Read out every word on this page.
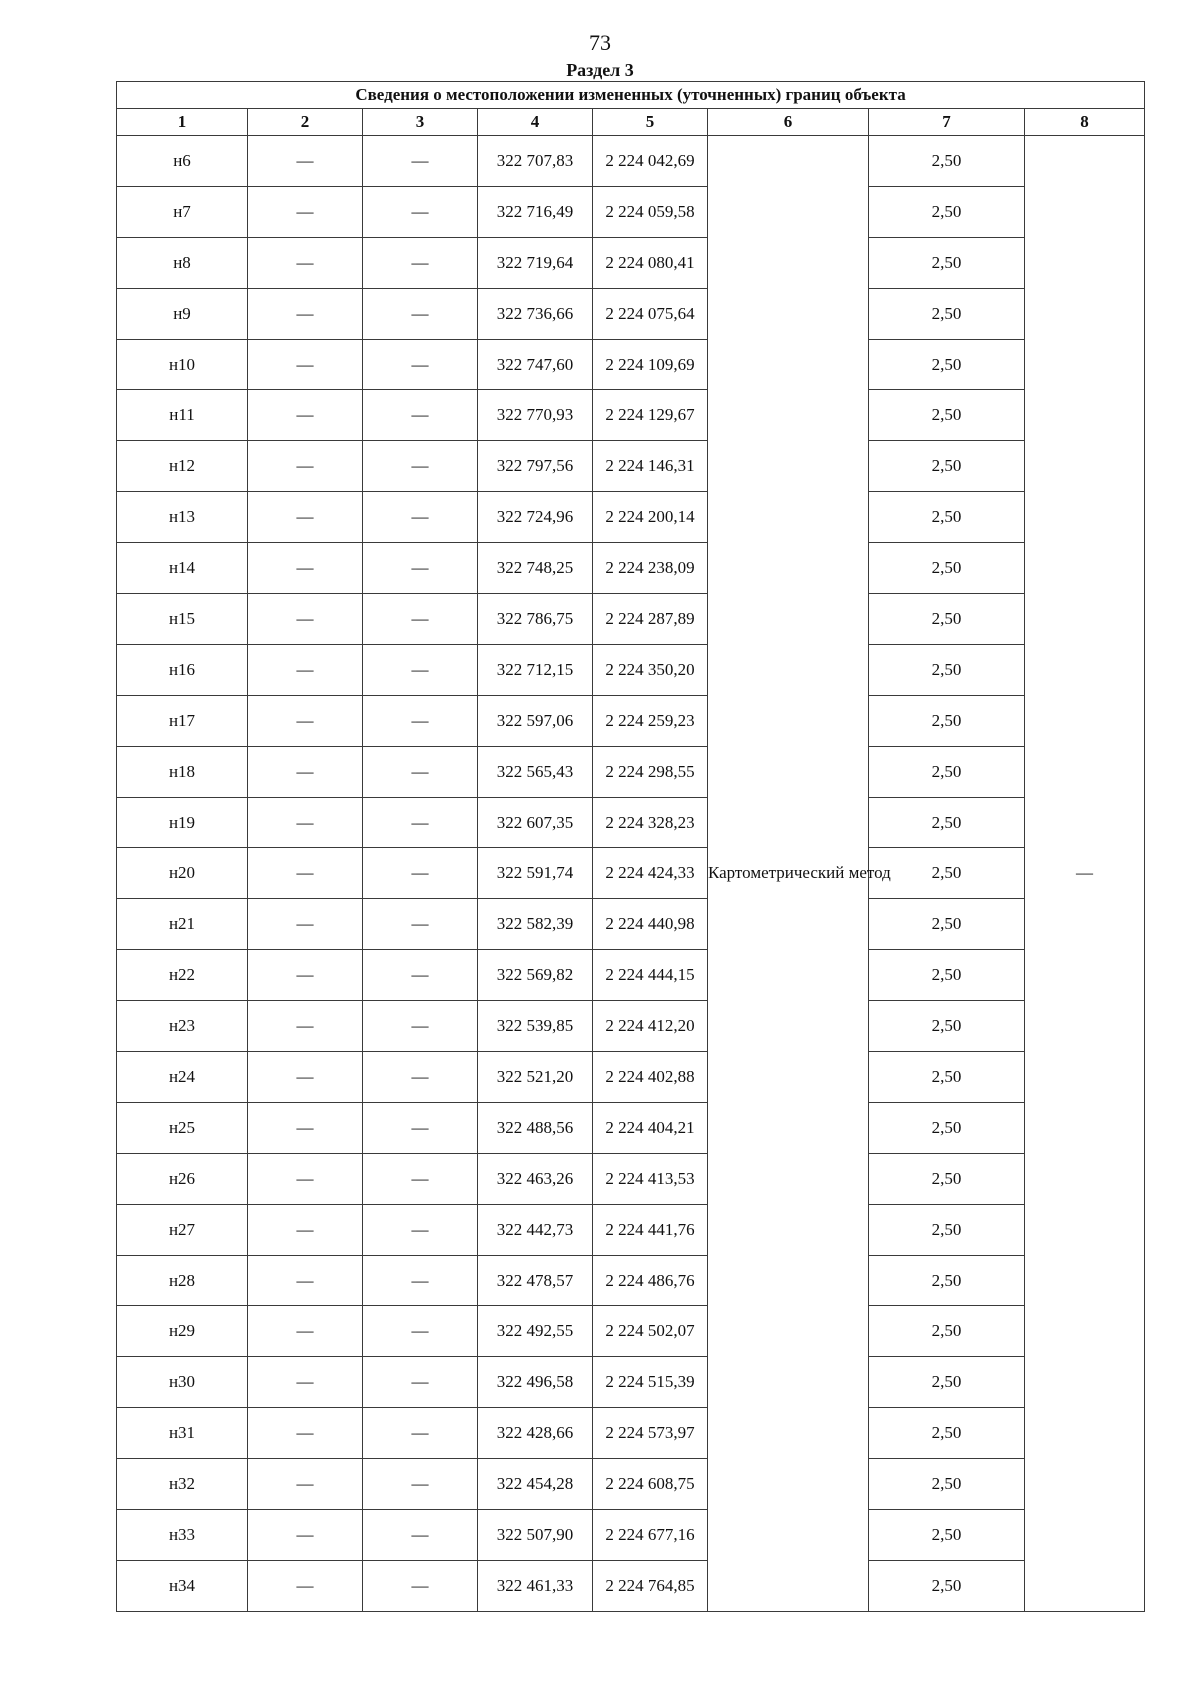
73
Раздел 3
Сведения о местоположении измененных (уточненных) границ объекта							
1	2	3	4	5	6	7	8
н6	—	—	322 707,83	2 224 042,69	Картометрический метод	2,50	—
н7	—	—	322 716,49	2 224 059,58		2,50	
н8	—	—	322 719,64	2 224 080,41		2,50	
н9	—	—	322 736,66	2 224 075,64		2,50	
н10	—	—	322 747,60	2 224 109,69		2,50	
н11	—	—	322 770,93	2 224 129,67		2,50	
н12	—	—	322 797,56	2 224 146,31		2,50	
н13	—	—	322 724,96	2 224 200,14		2,50	
н14	—	—	322 748,25	2 224 238,09		2,50	
н15	—	—	322 786,75	2 224 287,89		2,50	
н16	—	—	322 712,15	2 224 350,20		2,50	
н17	—	—	322 597,06	2 224 259,23		2,50	
н18	—	—	322 565,43	2 224 298,55		2,50	
н19	—	—	322 607,35	2 224 328,23		2,50	
н20	—	—	322 591,74	2 224 424,33		2,50	
н21	—	—	322 582,39	2 224 440,98		2,50	
н22	—	—	322 569,82	2 224 444,15		2,50	
н23	—	—	322 539,85	2 224 412,20		2,50	
н24	—	—	322 521,20	2 224 402,88		2,50	
н25	—	—	322 488,56	2 224 404,21		2,50	
н26	—	—	322 463,26	2 224 413,53		2,50	
н27	—	—	322 442,73	2 224 441,76		2,50	
н28	—	—	322 478,57	2 224 486,76		2,50	
н29	—	—	322 492,55	2 224 502,07		2,50	
н30	—	—	322 496,58	2 224 515,39		2,50	
н31	—	—	322 428,66	2 224 573,97		2,50	
н32	—	—	322 454,28	2 224 608,75		2,50	
н33	—	—	322 507,90	2 224 677,16		2,50	
н34	—	—	322 461,33	2 224 764,85		2,50	
